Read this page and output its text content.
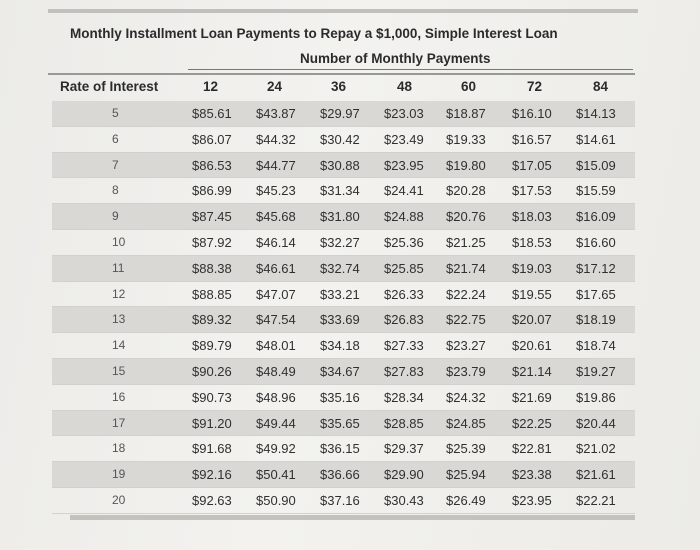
Monthly Installment Loan Payments to Repay a $1,000, Simple Interest Loan
Number of Monthly Payments
Rate of Interest	12	24	36	48	60	72	84
5	$85.61 $43.87 $29.97 $23.03 $18.87 $16.10 $14.13
6	$86.07 $44.32 $30.42 $23.49 $19.33 $16.57 $14.61
7	$86.53 $44.77 $30.88 $23.95 $19.80 $17.05 $15.09
8	$86.99 $45.23 $31.34 $24.41 $20.28 $17.53 $15.59
9	$87.45 $45.68 $31.80 $24.88 $20.76 $18.03 $16.09
10	$87.92 $46.14 $32.27 $25.36 $21.25 $18.53 $16.60
11	$88.38 $46.61 $32.74 $25.85 $21.74 $19.03 $17.12
12	$88.85 $47.07 $33.21 $26.33 $22.24 $19.55 $17.65
13	$89.32 $47.54 $33.69 $26.83 $22.75 $20.07 $18.19
14	$89.79 $48.01 $34.18 $27.33 $23.27 $20.61 $18.74
15	$90.26 $48.49 $34.67 $27.83 $23.79 $21.14 $19.27
16	$90.73 $48.96 $35.16 $28.34 $24.32 $21.69 $19.86
17	$91.20 $49.44 $35.65 $28.85 $24.85 $22.25 $20.44
18	$91.68 $49.92 $36.15 $29.37 $25.39 $22.81 $21.02
19	$92.16 $50.41 $36.66 $29.90 $25.94 $23.38 $21.61
20	$92.63 $50.90 $37.16 $30.43 $26.49 $23.95 $22.21
